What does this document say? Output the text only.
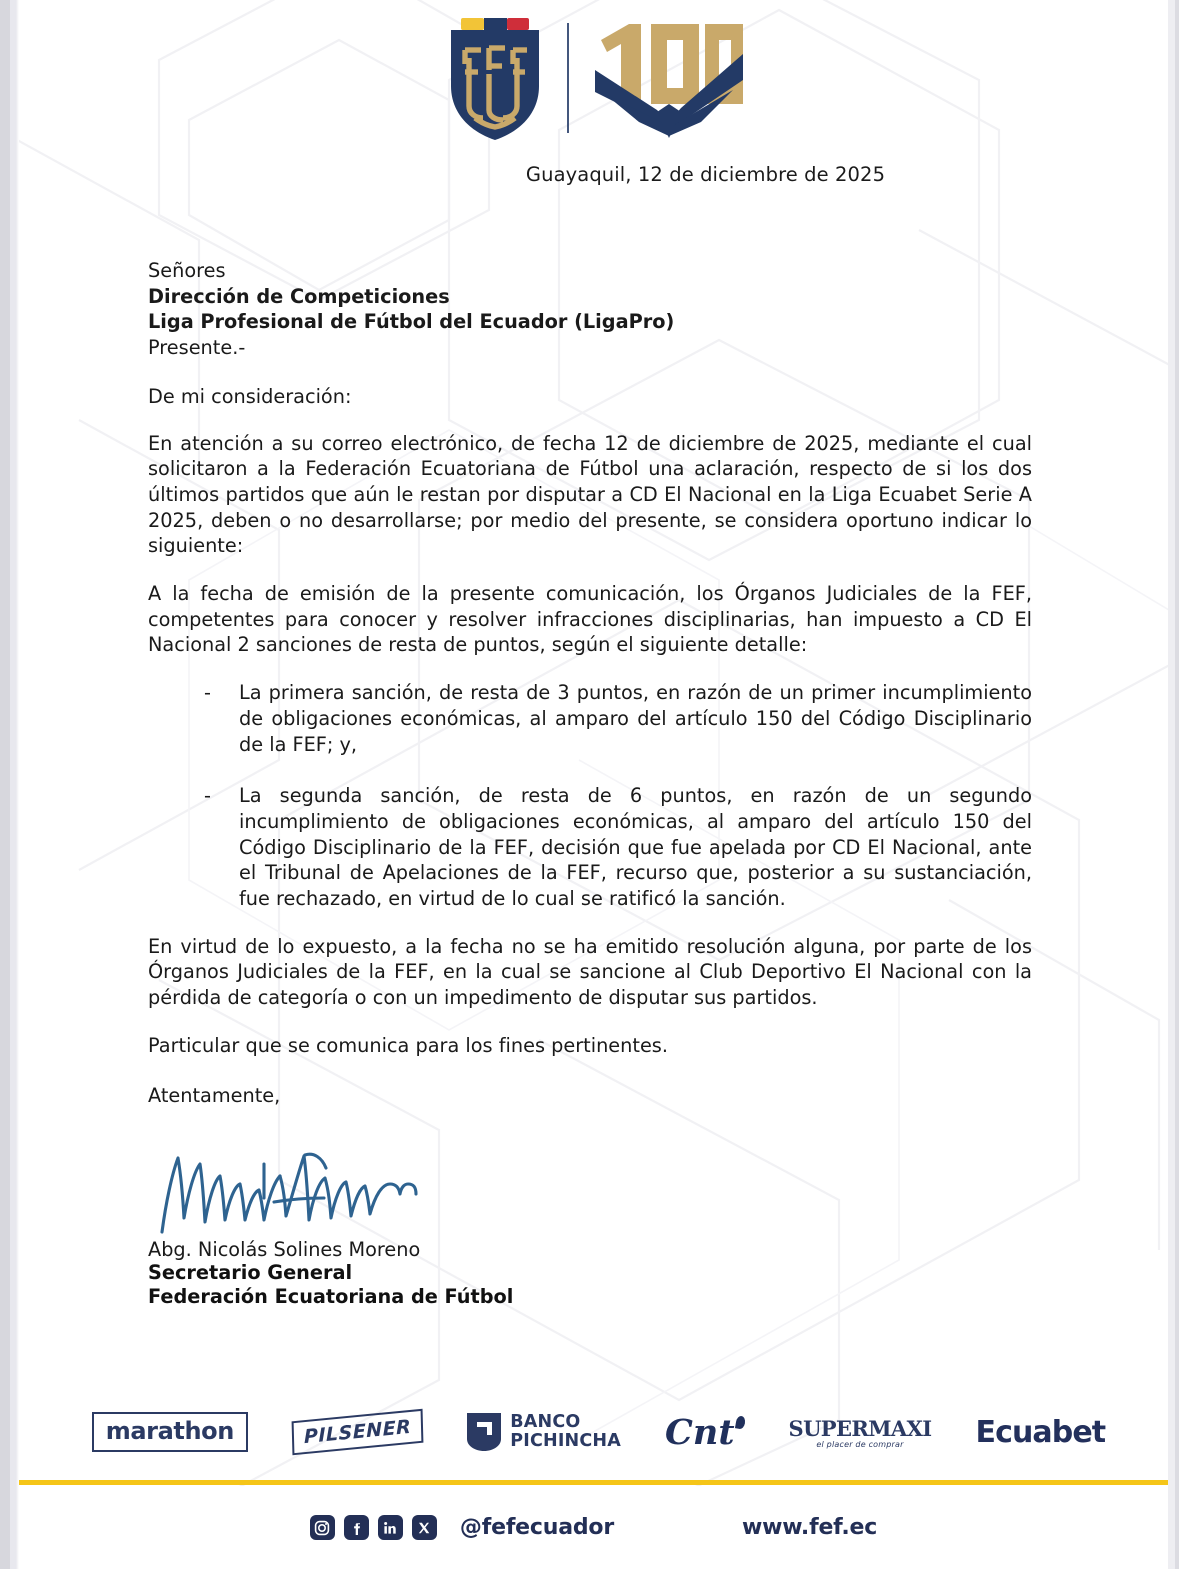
Guayaquil, 12 de diciembre de 2025
Señores
Dirección de Competiciones
Liga Profesional de Fútbol del Ecuador (LigaPro)
Presente.-

De mi consideración:

En atención a su correo electrónico, de fecha 12 de diciembre de 2025, mediante el cual solicitaron a la Federación Ecuatoriana de Fútbol una aclaración, respecto de si los dos últimos partidos que aún le restan por disputar a CD El Nacional en la Liga Ecuabet Serie A 2025, deben o no desarrollarse; por medio del presente, se considera oportuno indicar lo siguiente:

A la fecha de emisión de la presente comunicación, los Órganos Judiciales de la FEF, competentes para conocer y resolver infracciones disciplinarias, han impuesto a CD El Nacional 2 sanciones de resta de puntos, según el siguiente detalle:

- La primera sanción, de resta de 3 puntos, en razón de un primer incumplimiento de obligaciones económicas, al amparo del artículo 150 del Código Disciplinario de la FEF; y,
- La segunda sanción, de resta de 6 puntos, en razón de un segundo incumplimiento de obligaciones económicas, al amparo del artículo 150 del Código Disciplinario de la FEF, decisión que fue apelada por CD El Nacional, ante el Tribunal de Apelaciones de la FEF, recurso que, posterior a su sustanciación, fue rechazado, en virtud de lo cual se ratificó la sanción.

En virtud de lo expuesto, a la fecha no se ha emitido resolución alguna, por parte de los Órganos Judiciales de la FEF, en la cual se sancione al Club Deportivo El Nacional con la pérdida de categoría o con un impedimento de disputar sus partidos.

Particular que se comunica para los fines pertinentes.

Atentamente,

Abg. Nicolás Solines Moreno
Secretario General
Federación Ecuatoriana de Fútbol
marathon	PILSENER	BANCO
PICHINCHA Cnt	SUPERMAXI
el placer de comprar	Ecuabet
@fefecuador	www.fef.ec
